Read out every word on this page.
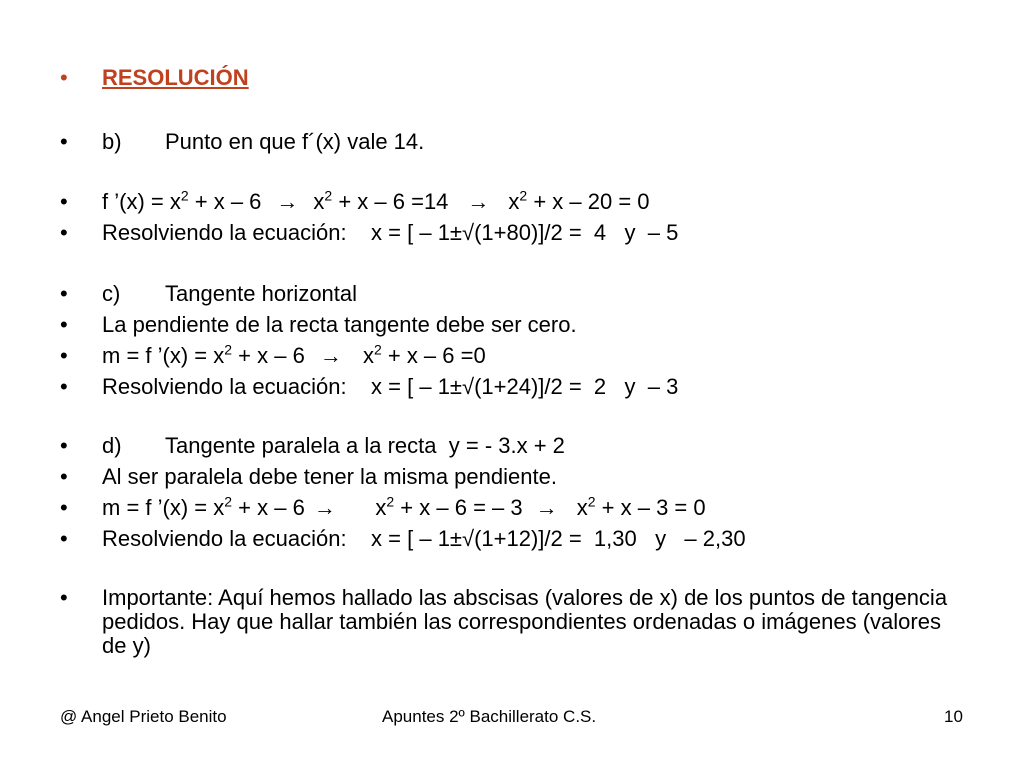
•

	RESOLUCIÓN

•

	b)

Punto en que f´(x) vale 14.

•

	f ’(x) = $x^2 + x - 6 \to x^2 + x - 6 =14 \to x^2 + x - 20 = 0$

•

	Resolviendo la ecuación:    x = [ – 1±√(1+80)]/2 =  4   y  – 5

•

	c)

Tangente horizontal

•

	La pendiente de la recta tangente debe ser cero.

•

	m = f ’(x) = $x^2 + x - 6 \to x^2 + x - 6 =0$

•

	Resolviendo la ecuación:    x = [ – 1±√(1+24)]/2 =  2   y  – 3

•

	d)

Tangente paralela a la recta  y = - 3.x + 2

•

	Al ser paralela debe tener la misma pendiente.

•

	m = f ’(x) = $x^2 + x - 6$ →     $x^2 + x - 6$ = – $3 \to x^2 + x - 3 = 0$

•

	Resolviendo la ecuación:    x = [ – 1±√(1+12)]/2 =  1,30   y   – 2,30

•	Importante: Aquí hemos hallado las abscisas (valores de x) de los puntos de tangencia pedidos. Hay que hallar también las correspondientes ordenadas o imágenes (valores de y)
@ Angel Prieto Benito	Apuntes 2º Bachillerato C.S.	10
